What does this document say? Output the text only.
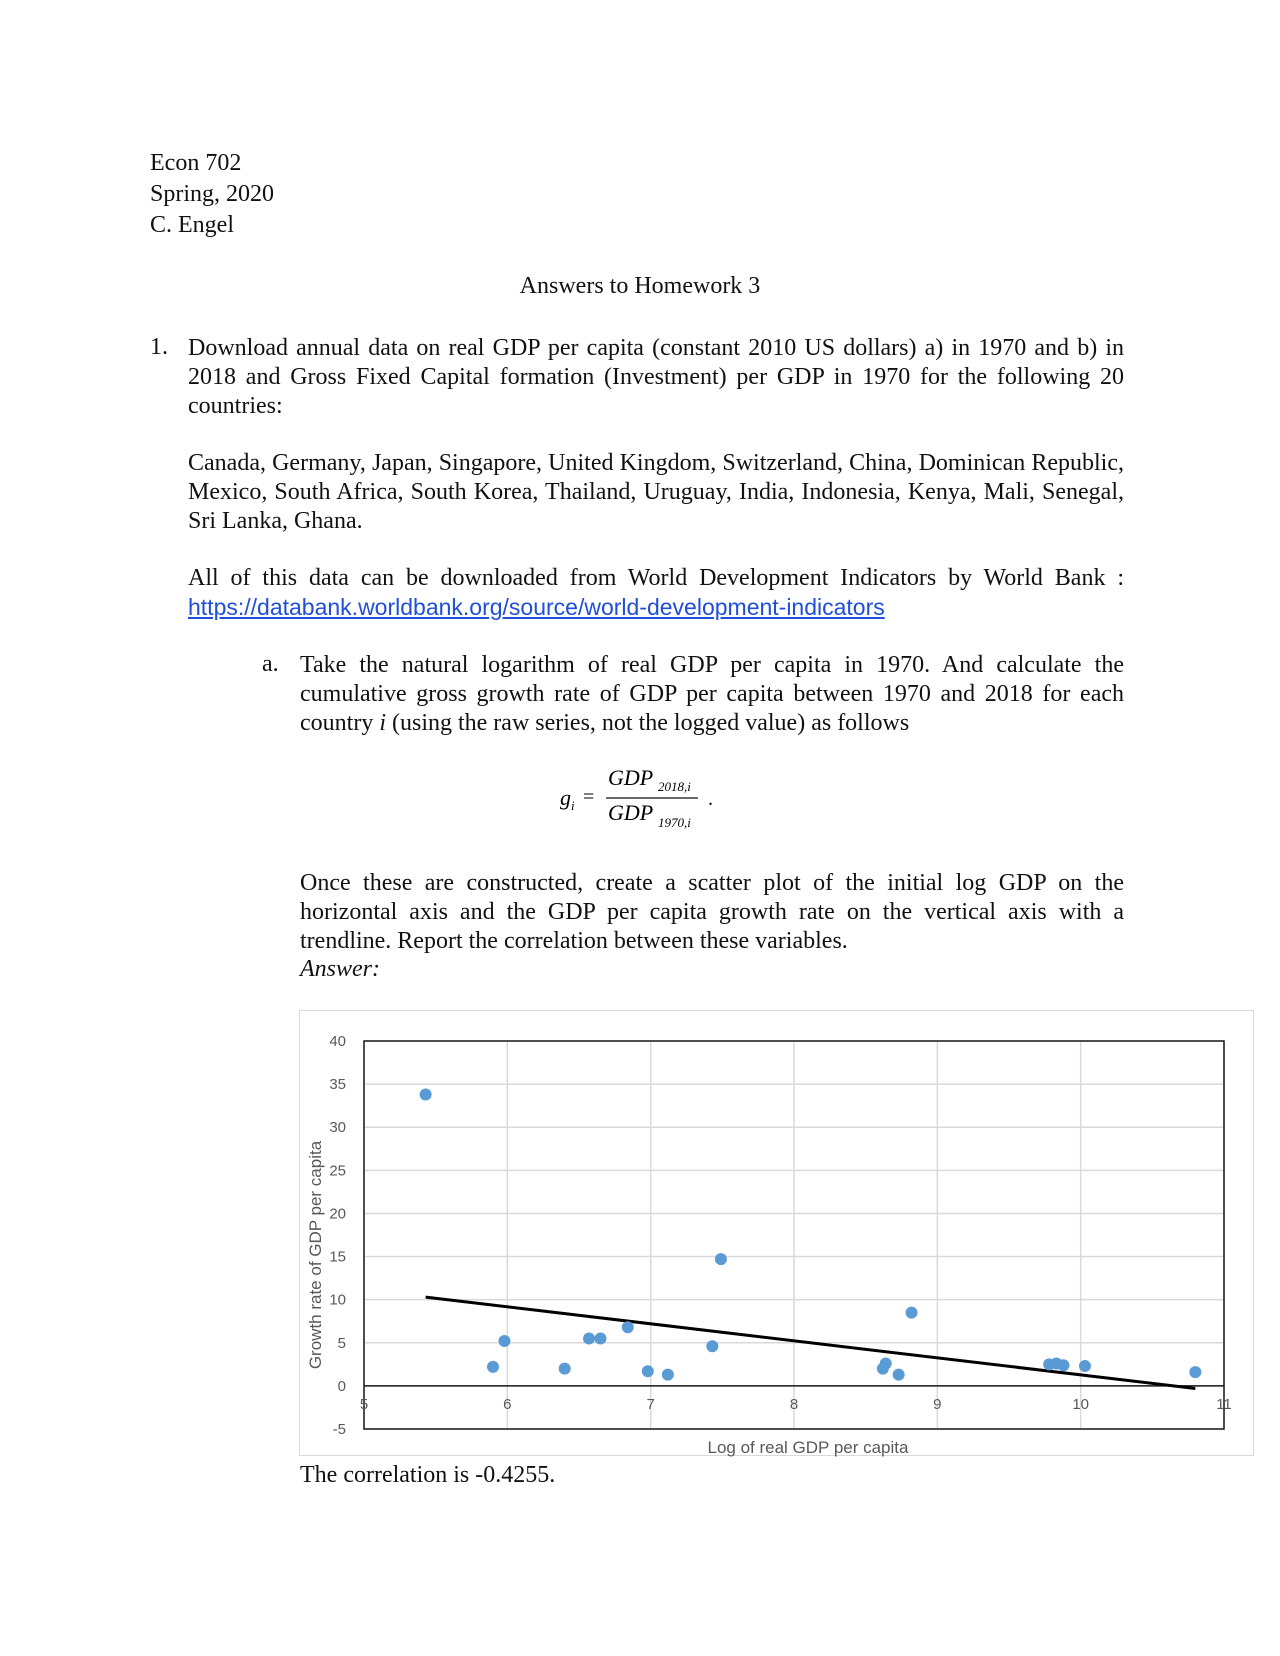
Econ 702
Spring, 2020
C. Engel
Answers to Homework 3
1. Download annual data on real GDP per capita (constant 2010 US dollars) a) in 1970 and b) in 2018 and Gross Fixed Capital formation (Investment) per GDP in 1970 for the following 20 countries:
Canada, Germany, Japan, Singapore, United Kingdom, Switzerland, China, Dominican Republic, Mexico, South Africa, South Korea, Thailand, Uruguay, India, Indonesia, Kenya, Mali, Senegal, Sri Lanka, Ghana.
All of this data can be downloaded from World Development Indicators by World Bank : https://databank.worldbank.org/source/world-development-indicators
a. Take the natural logarithm of real GDP per capita in 1970. And calculate the cumulative gross growth rate of GDP per capita between 1970 and 2018 for each country i (using the raw series, not the logged value) as follows
g i =
GDP 2018,i
GDP 1970,i
.
Once these are constructed, create a scatter plot of the initial log GDP on the horizontal axis and the GDP per capita growth rate on the vertical axis with a trendline. Report the correlation between these variables.
Answer:
40
35
30
25
20
15
10
5
0
-5
5	6	7	8	9	10	11
Log of real GDP per capita
Growth rate of GDP per capita
The correlation is -0.4255.
